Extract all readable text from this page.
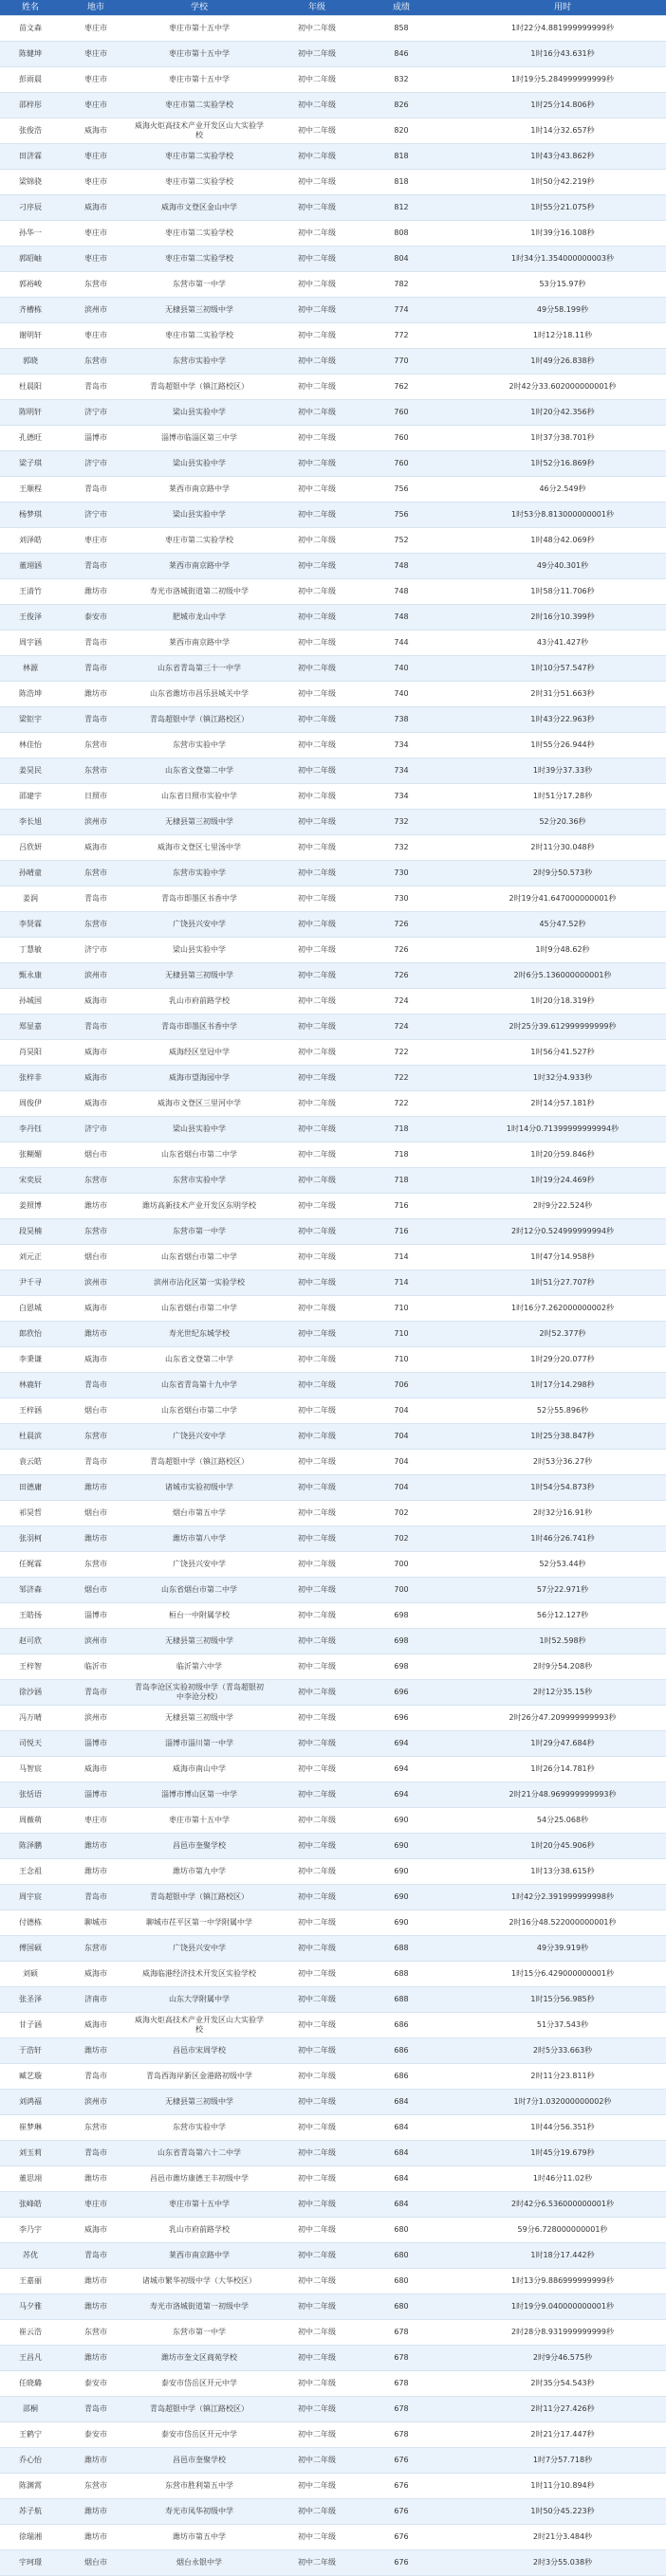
姓名	地市	学校	年级	成绩	用时
苗文森	枣庄市	枣庄市第十五中学	初中二年级	858	1时22分4.881999999999秒
陈健坤	枣庄市	枣庄市第十五中学	初中二年级	846	1时16分43.631秒
彭雨晨	枣庄市	枣庄市第十五中学	初中二年级	832	1时19分5.284999999999秒
邵梓彤	枣庄市	枣庄市第二实验学校	初中二年级	826	1时25分14.806秒
张俊浩	威海市	威海火炬高技术产业开发区山大实验学校	初中二年级	820	1时14分32.657秒
田济霖	枣庄市	枣庄市第二实验学校	初中二年级	818	1时43分43.862秒
梁锦骁	枣庄市	枣庄市第二实验学校	初中二年级	818	1时50分42.219秒
刁序辰	威海市	威海市文登区金山中学	初中二年级	812	1时55分21.075秒
孙华一	枣庄市	枣庄市第二实验学校	初中二年级	808	1时39分16.108秒
郭昭岫	枣庄市	枣庄市第二实验学校	初中二年级	804	1时34分1.354000000003秒
郭裕峻	东营市	东营市第一中学	初中二年级	782	53分15.97秒
齐槽栋	滨州市	无棣县第三初级中学	初中二年级	774	49分58.199秒
谢明轩	枣庄市	枣庄市第二实验学校	初中二年级	772	1时12分18.11秒
郭晓	东营市	东营市实验中学	初中二年级	770	1时49分26.838秒
杜晨阳	青岛市	青岛超银中学（镇江路校区）	初中二年级	762	2时42分33.602000000001秒
陈明轩	济宁市	梁山县实验中学	初中二年级	760	1时20分42.356秒
孔德旺	淄博市	淄博市临淄区第三中学	初中二年级	760	1时37分38.701秒
梁子琪	济宁市	梁山县实验中学	初中二年级	760	1时52分16.869秒
王顺程	青岛市	莱西市南京路中学	初中二年级	756	46分2.549秒
杨梦琪	济宁市	梁山县实验中学	初中二年级	756	1时53分8.813000000001秒
刘泽皓	枣庄市	枣庄市第二实验学校	初中二年级	752	1时48分42.069秒
董翊涵	青岛市	莱西市南京路中学	初中二年级	748	49分40.301秒
王清竹	潍坊市	寿光市洛城街道第二初级中学	初中二年级	748	1时58分11.706秒
王俊泽	泰安市	肥城市龙山中学	初中二年级	748	2时16分10.399秒
周宇涵	青岛市	莱西市南京路中学	初中二年级	744	43分41.427秒
林源	青岛市	山东省青岛第三十一中学	初中二年级	740	1时10分57.547秒
陈浩坤	潍坊市	山东省潍坊市昌乐县城关中学	初中二年级	740	2时31分51.663秒
梁钜宇	青岛市	青岛超银中学（镇江路校区）	初中二年级	738	1时43分22.963秒
林佳怡	东营市	东营市实验中学	初中二年级	734	1时55分26.944秒
姜昊民	东营市	山东省文登第二中学	初中二年级	734	1时39分37.33秒
邵建宇	日照市	山东省日照市实验中学	初中二年级	734	1时51分17.28秒
李长旭	滨州市	无棣县第三初级中学	初中二年级	732	52分20.36秒
吕欣妍	威海市	威海市文登区七里汤中学	初中二年级	732	2时11分30.048秒
孙晴童	东营市	东营市实验中学	初中二年级	730	2时9分50.573秒
姜润	青岛市	青岛市即墨区书香中学	初中二年级	730	2时19分41.647000000001秒
李贤霖	东营市	广饶县兴安中学	初中二年级	726	45分47.52秒
丁慧敏	济宁市	梁山县实验中学	初中二年级	726	1时9分48.62秒
甄永康	滨州市	无棣县第三初级中学	初中二年级	726	2时6分5.136000000001秒
孙城国	威海市	乳山市府前路学校	初中二年级	724	1时20分18.319秒
郑显嘉	青岛市	青岛市即墨区书香中学	初中二年级	724	2时25分39.612999999999秒
肖昊阳	威海市	威海经区皇冠中学	初中二年级	722	1时56分41.527秒
张梓非	威海市	威海市望海园中学	初中二年级	722	1时32分4.933秒
周俊伊	威海市	威海市文登区三里河中学	初中二年级	722	2时14分57.181秒
李丹钰	济宁市	梁山县实验中学	初中二年级	718	1时14分0.71399999999994秒
张糊媚	烟台市	山东省烟台市第二中学	初中二年级	718	1时20分59.846秒
宋奕辰	东营市	东营市实验中学	初中二年级	718	1时19分24.469秒
姜照博	潍坊市	潍坊高新技术产业开发区东明学校	初中二年级	716	2时9分22.524秒
段昊楠	东营市	东营市第一中学	初中二年级	716	2时12分0.524999999994秒
刘元正	烟台市	山东省烟台市第二中学	初中二年级	714	1时47分14.958秒
尹千寻	滨州市	滨州市沾化区第一实验学校	初中二年级	714	1时51分27.707秒
白恩城	威海市	山东省烟台市第二中学	初中二年级	710	1时16分7.262000000002秒
郎欣怡	潍坊市	寿光世纪东城学校	初中二年级	710	2时52.377秒
李秉谦	威海市	山东省文登第二中学	初中二年级	710	1时29分20.077秒
林鹿轩	青岛市	山东省青岛第十九中学	初中二年级	706	1时17分14.298秒
王梓涵	烟台市	山东省烟台市第二中学	初中二年级	704	52分55.896秒
杜晨滨	东营市	广饶县兴安中学	初中二年级	704	1时25分38.847秒
袁云皓	青岛市	青岛超银中学（镇江路校区）	初中二年级	704	2时53分36.27秒
田德庸	潍坊市	诸城市实验初级中学	初中二年级	704	1时54分54.873秒
祁昊哲	烟台市	烟台市第五中学	初中二年级	702	2时32分16.91秒
张羽柯	潍坊市	潍坊市第八中学	初中二年级	702	1时46分26.741秒
任娓霖	东营市	广饶县兴安中学	初中二年级	700	52分53.44秒
邹济森	烟台市	山东省烟台市第二中学	初中二年级	700	57分22.971秒
王皓扬	淄博市	桓台一中附属学校	初中二年级	698	56分12.127秒
赵可欣	滨州市	无棣县第三初级中学	初中二年级	698	1时52.598秒
王梓智	临沂市	临沂第六中学	初中二年级	698	2时9分54.208秒
徐沙涵	青岛市	青岛李沧区实验初级中学（青岛超银初中李沧分校）	初中二年级	696	2时12分35.15秒
冯万晴	滨州市	无棣县第三初级中学	初中二年级	696	2时26分47.209999999993秒
司悦天	淄博市	淄博市淄川第一中学	初中二年级	694	1时29分47.684秒
马智宸	威海市	威海市南山中学	初中二年级	694	1时26分14.781秒
张恬语	淄博市	淄博市博山区第一中学	初中二年级	694	2时21分48.969999999993秒
周薇萌	枣庄市	枣庄市第十五中学	初中二年级	690	54分25.068秒
陈泽鹏	潍坊市	昌邑市奎聚学校	初中二年级	690	1时20分45.906秒
王念祖	潍坊市	潍坊市第九中学	初中二年级	690	1时13分38.615秒
周宇宸	青岛市	青岛超银中学（镇江路校区）	初中二年级	690	1时42分2.391999999998秒
付德栋	聊城市	聊城市茌平区第一中学附属中学	初中二年级	690	2时16分48.522000000001秒
傅国硕	东营市	广饶县兴安中学	初中二年级	688	49分39.919秒
刘硕	威海市	威海临港经济技术开发区实验学校	初中二年级	688	1时15分6.429000000001秒
张圣泽	济南市	山东大学附属中学	初中二年级	688	1时15分56.985秒
甘子涵	威海市	威海火炬高技术产业开发区山大实验学校	初中二年级	686	51分37.543秒
于浩轩	潍坊市	昌邑市宋周学校	初中二年级	686	2时5分33.663秒
臧艺璇	青岛市	青岛西海岸新区金港路初级中学	初中二年级	686	2时11分23.811秒
刘鸿福	滨州市	无棣县第三初级中学	初中二年级	684	1时7分1.032000000002秒
崔梦琳	东营市	东营市实验中学	初中二年级	684	1时44分56.351秒
刘玉莉	青岛市	山东省青岛第六十二中学	初中二年级	684	1时45分19.679秒
董思翊	潍坊市	昌邑市潍坊康德王丰初级中学	初中二年级	684	1时46分11.02秒
张峰皓	枣庄市	枣庄市第十五中学	初中二年级	684	2时42分6.536000000001秒
李乃宇	威海市	乳山市府前路学校	初中二年级	680	59分6.728000000001秒
苏优	青岛市	莱西市南京路中学	初中二年级	680	1时18分17.442秒
王嘉丽	潍坊市	诸城市繁华初级中学（大华校区）	初中二年级	680	1时13分9.886999999999秒
马夕雅	潍坊市	寿光市洛城街道第一初级中学	初中二年级	680	1时19分9.040000000001秒
崔云浩	东营市	东营市第一中学	初中二年级	678	2时28分8.931999999999秒
王昌凡	潍坊市	潍坊市奎文区商苑学校	初中二年级	678	2时9分46.575秒
任晓璐	泰安市	泰安市岱岳区开元中学	初中二年级	678	2时35分54.543秒
邵桐	青岛市	青岛超银中学（镇江路校区）	初中二年级	678	2时11分27.426秒
王鹤宁	泰安市	泰安市岱岳区开元中学	初中二年级	678	2时21分17.447秒
乔心怡	潍坊市	昌邑市奎聚学校	初中二年级	676	1时7分57.718秒
陈渊霄	东营市	东营市胜利第五中学	初中二年级	676	1时11分10.894秒
苏子航	潍坊市	寿光市凤华初级中学	初中二年级	676	1时50分45.223秒
徐瑞湘	潍坊市	潍坊市第五中学	初中二年级	676	2时21分3.484秒
宇珂璟	烟台市	烟台永银中学	初中二年级	676	2时3分55.038秒
